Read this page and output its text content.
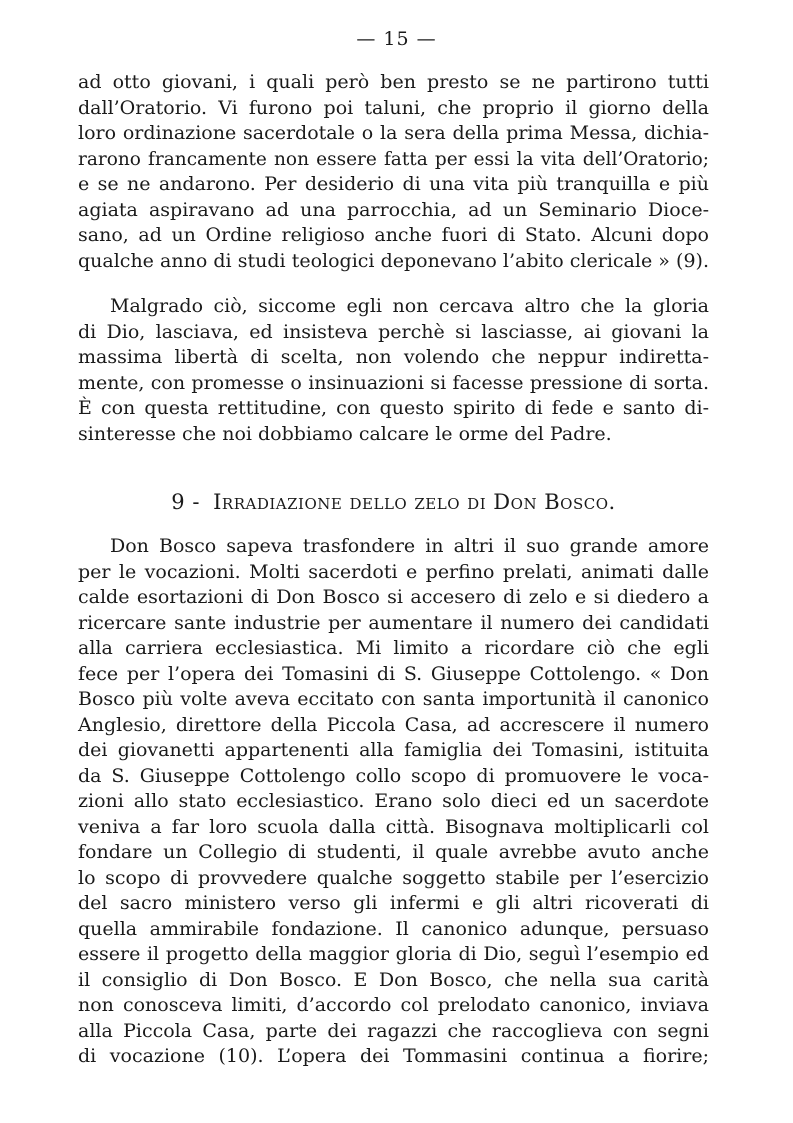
— 15 —
ad otto giovani, i quali però ben presto se ne partirono tutti
dall’Oratorio. Vi furono poi taluni, che proprio il giorno della
loro ordinazione sacerdotale o la sera della prima Messa, dichia-
rarono francamente non essere fatta per essi la vita dell’Oratorio;
e se ne andarono. Per desiderio di una vita più tranquilla e più
agiata aspiravano ad una parrocchia, ad un Seminario Dioce-
sano, ad un Ordine religioso anche fuori di Stato. Alcuni dopo
qualche anno di studi teologici deponevano l’abito clericale » (9).
Malgrado ciò, siccome egli non cercava altro che la gloria
di Dio, lasciava, ed insisteva perchè si lasciasse, ai giovani la
massima libertà di scelta, non volendo che neppur indiretta-
mente, con promesse o insinuazioni si facesse pressione di sorta.
È con questa rettitudine, con questo spirito di fede e santo di-
sinteresse che noi dobbiamo calcare le orme del Padre.
9 - Irradiazione dello zelo di Don Bosco.
Don Bosco sapeva trasfondere in altri il suo grande amore
per le vocazioni. Molti sacerdoti e perfino prelati, animati dalle
calde esortazioni di Don Bosco si accesero di zelo e si diedero a
ricercare sante industrie per aumentare il numero dei candidati
alla carriera ecclesiastica. Mi limito a ricordare ciò che egli
fece per l’opera dei Tomasini di S. Giuseppe Cottolengo. « Don
Bosco più volte aveva eccitato con santa importunità il canonico
Anglesio, direttore della Piccola Casa, ad accrescere il numero
dei giovanetti appartenenti alla famiglia dei Tomasini, istituita
da S. Giuseppe Cottolengo collo scopo di promuovere le voca-
zioni allo stato ecclesiastico. Erano solo dieci ed un sacerdote
veniva a far loro scuola dalla città. Bisognava moltiplicarli col
fondare un Collegio di studenti, il quale avrebbe avuto anche
lo scopo di provvedere qualche soggetto stabile per l’esercizio
del sacro ministero verso gli infermi e gli altri ricoverati di
quella ammirabile fondazione. Il canonico adunque, persuaso
essere il progetto della maggior gloria di Dio, seguì l’esempio ed
il consiglio di Don Bosco. E Don Bosco, che nella sua carità
non conosceva limiti, d’accordo col prelodato canonico, inviava
alla Piccola Casa, parte dei ragazzi che raccoglieva con segni
di vocazione (10). L’opera dei Tommasini continua a fiorire;
